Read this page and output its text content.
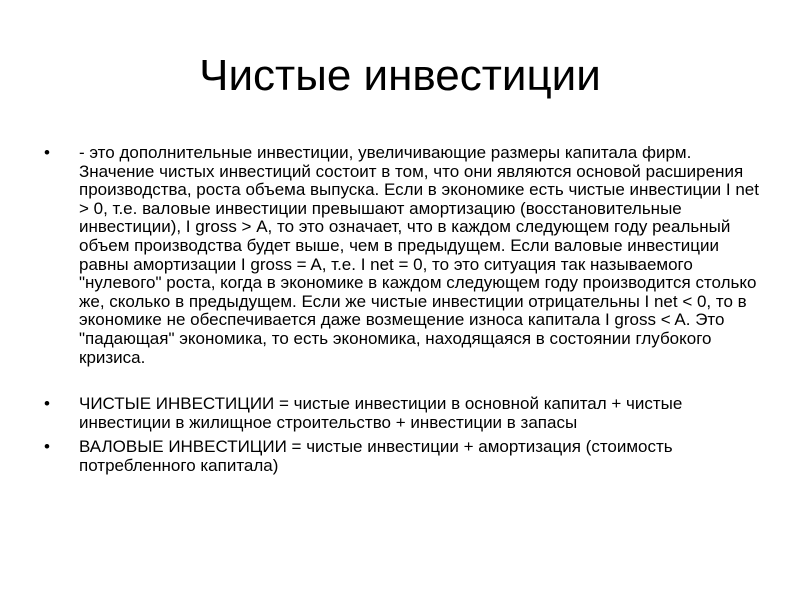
Чистые инвестиции
• - это дополнительные инвестиции, увеличивающие размеры капитала фирм. Значение чистых инвестиций состоит в том, что они являются основой расширения производства, роста объема выпуска. Если в экономике есть чистые инвестиции I net > 0, т.е. валовые инвестиции превышают амортизацию (восстановительные инвестиции), I gross > А, то это означает, что в каждом следующем году реальный объем производства будет выше, чем в предыдущем. Если валовые инвестиции равны амортизации I gross = A, т.е. I net = 0, то это ситуация так называемого "нулевого" роста, когда в экономике в каждом следующем году производится столько же, сколько в предыдущем. Если же чистые инвестиции отрицательны I net < 0, то в экономике не обеспечивается даже возмещение износа капитала I gross < A. Это "падающая" экономика, то есть экономика, находящаяся в состоянии глубокого кризиса.
• ЧИСТЫЕ ИНВЕСТИЦИИ = чистые инвестиции в основной капитал + чистые инвестиции в жилищное строительство + инвестиции в запасы
• ВАЛОВЫЕ ИНВЕСТИЦИИ = чистые инвестиции + амортизация (стоимость потребленного капитала)
